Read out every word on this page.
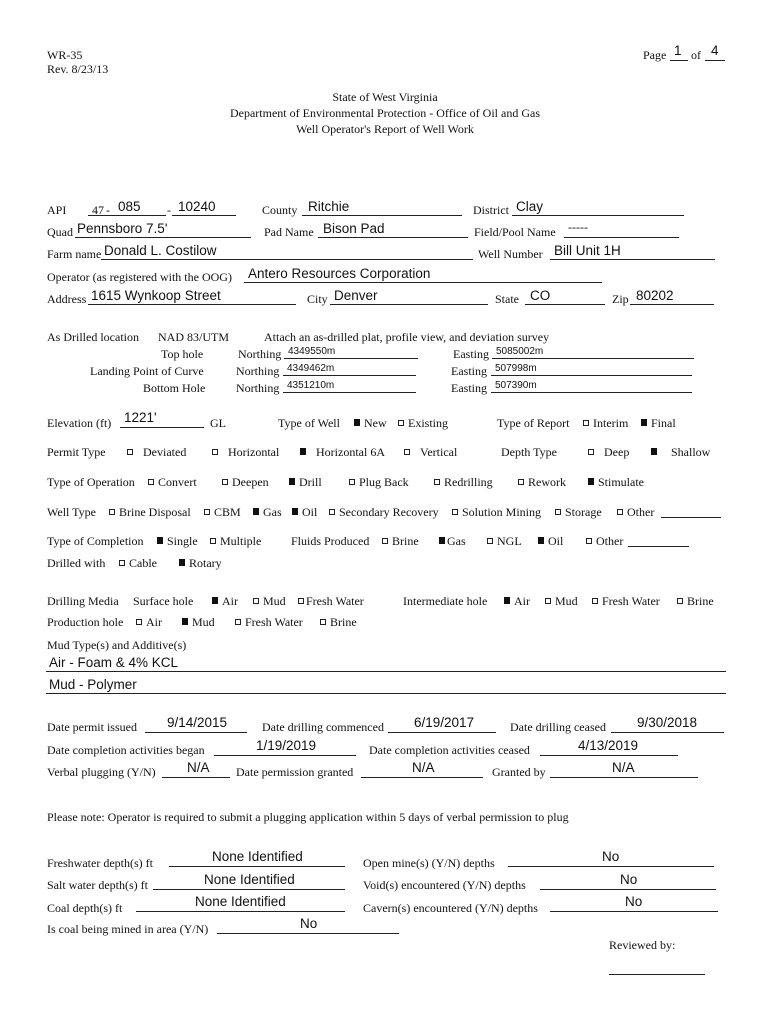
WR-35
Rev. 8/23/13
Page 1 of 4
State of West Virginia
Department of Environmental Protection - Office of Oil and Gas
Well Operator's Report of Well Work
API 47 - 085 - 10240	County Ritchie	District Clay
Quad Pennsboro 7.5'	Pad Name Bison Pad	Field/Pool Name -----
Farm name Donald L. Costilow	Well Number Bill Unit 1H
Operator (as registered with the OOG) Antero Resources Corporation
Address 1615 Wynkoop Street	City Denver	State CO	Zip 80202
As Drilled location NAD 83/UTM	Attach an as-drilled plat, profile view, and deviation survey
Top hole	Northing 4349550m	Easting 5085002m
Landing Point of Curve	Northing 4349462m	Easting 507998m
Bottom Hole	Northing 4351210m	Easting 507390m
Elevation (ft) 1221'	GL	Type of Well	New	Existing	Type of Report	Interim	Final
Permit Type	Deviated	Horizontal	Horizontal 6A	Vertical	Depth Type	Deep	Shallow
Type of Operation	Convert	Deepen	Drill	Plug Back	Redrilling	Rework	Stimulate
Well Type	Brine Disposal	CBM	Gas	Oil	Secondary Recovery	Solution Mining	Storage	Other
Type of Completion	Single	Multiple Fluids Produced	Brine	Gas	NGL	Oil	Other
Drilled with	Cable	Rotary
Drilling Media Surface hole	Air	Mud	Fresh Water	Intermediate hole	Air	Mud	Fresh Water	Brine
Production hole	Air	Mud	Fresh Water	Brine
Mud Type(s) and Additive(s)
Air - Foam & 4% KCL
Mud - Polymer
Date permit issued 9/14/2015	Date drilling commenced 6/19/2017	Date drilling ceased 9/30/2018
Date completion activities began	1/19/2019	Date completion activities ceased	4/13/2019
Verbal plugging (Y/N) N/A Date permission granted	N/A	Granted by	N/A
Please note: Operator is required to submit a plugging application within 5 days of verbal permission to plug
Freshwater depth(s) ft	None Identified	Open mine(s) (Y/N) depths	No
Salt water depth(s) ft	None Identified	Void(s) encountered (Y/N) depths	No
Coal depth(s) ft	None Identified	Cavern(s) encountered (Y/N) depths	No
Is coal being mined in area (Y/N)	No
Reviewed by:
